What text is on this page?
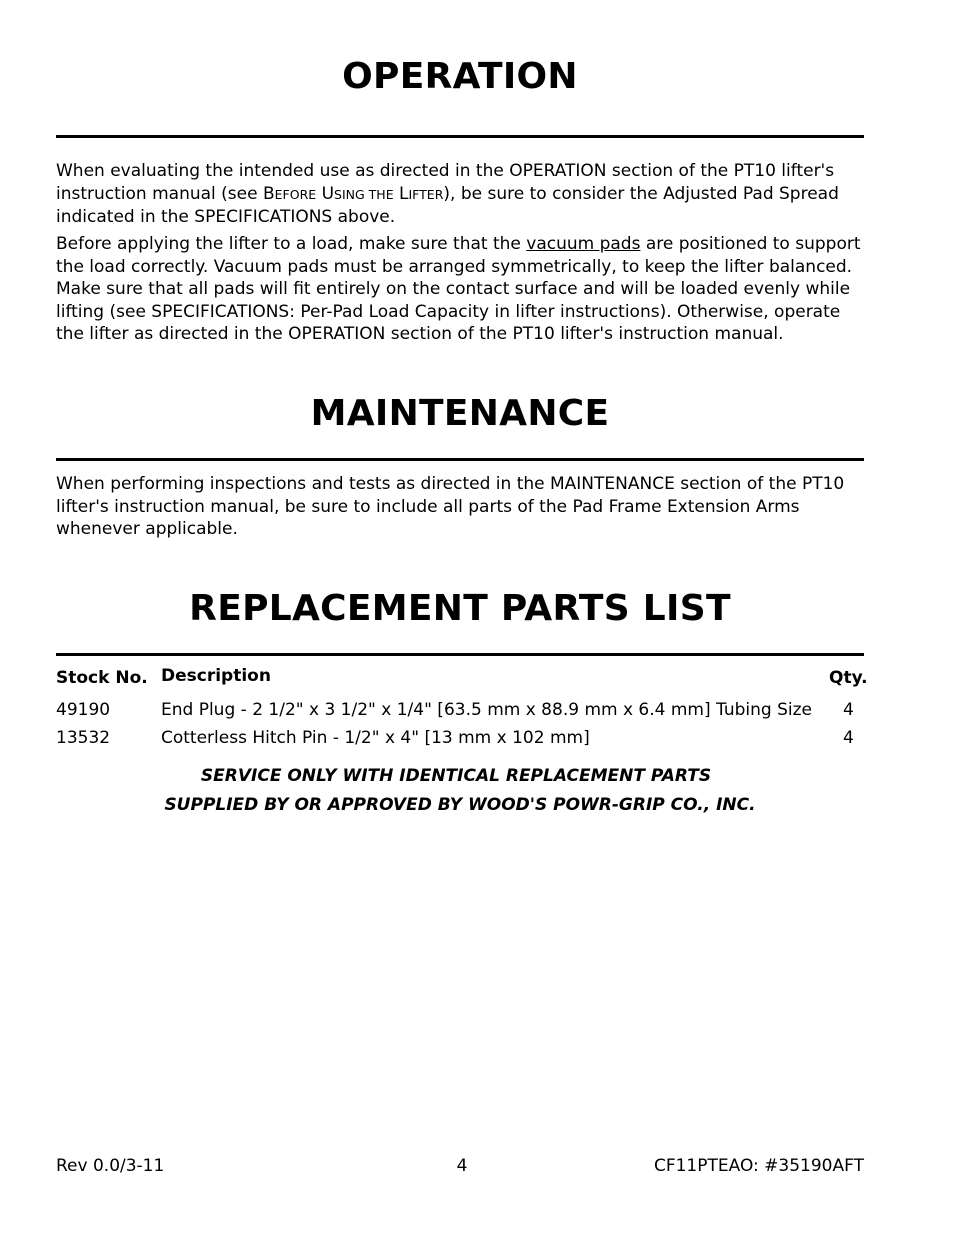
OPERATION

When evaluating the intended use as directed in the OPERATION section of the PT10 lifter's instruction manual (see BEFORE USING THE LIFTER), be sure to consider the Adjusted Pad Spread indicated in the SPECIFICATIONS above.

Before applying the lifter to a load, make sure that the vacuum pads are positioned to support the load correctly. Vacuum pads must be arranged symmetrically, to keep the lifter balanced. Make sure that all pads will fit entirely on the contact surface and will be loaded evenly while lifting (see SPECIFICATIONS: Per-Pad Load Capacity in lifter instructions). Otherwise, operate the lifter as directed in the OPERATION section of the PT10 lifter's instruction manual.

MAINTENANCE

When performing inspections and tests as directed in the MAINTENANCE section of the PT10 lifter's instruction manual, be sure to include all parts of the Pad Frame Extension Arms whenever applicable.

REPLACEMENT PARTS LIST
Stock No. Description	Qty.
49190	End Plug - 2 1/2" x 3 1/2" x 1/4" [63.5 mm x 88.9 mm x 6.4 mm] Tubing Size 4
13532	Cotterless Hitch Pin - 1/2" x 4" [13 mm x 102 mm]	4
SERVICE ONLY WITH IDENTICAL REPLACEMENT PARTS
SUPPLIED BY OR APPROVED BY WOOD'S POWR-GRIP CO., INC.
Rev 0.0/3-11	4	CF11PTEAO: #35190AFT
